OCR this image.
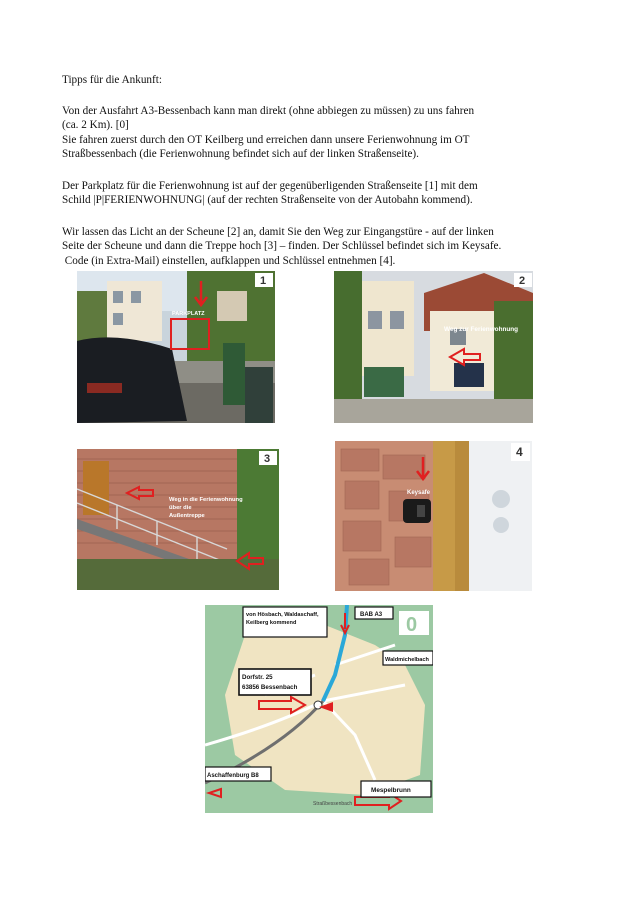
Tipps für die Ankunft:
Von der Ausfahrt A3-Bessenbach kann man direkt (ohne abbiegen zu müssen) zu uns fahren
(ca. 2 Km). [0]
Sie fahren zuerst durch den OT Keilberg und erreichen dann unsere Ferienwohnung im OT
Straßbessenbach (die Ferienwohnung befindet sich auf der linken Straßenseite).
Der Parkplatz für die Ferienwohnung ist auf der gegenüberligenden Straßenseite [1] mit dem
Schild |P|FERIENWOHNUNG| (auf der rechten Straßenseite von der Autobahn kommend).
Wir lassen das Licht an der Scheune [2] an, damit Sie den Weg zur Eingangstüre - auf der linken
Seite der Scheune und dann die Treppe hoch [3] – finden. Der Schlüssel befindet sich im Keysafe.
Code (in Extra-Mail) einstellen, aufklappen und Schlüssel entnehmen [4].
PARKPLATZ
1
Weg zur Ferienwohnung
2
Weg in die Ferienwohnung
über die
Außentreppe
3
Keysafe
4
von Hösbach, Waldaschaff,
Keilberg kommend
BAB A3 0
Waldmichelbach
Dorfstr. 25
63856 Bessenbach
Aschaffenburg B8
Mespelbrunn
Straßbessenbach
